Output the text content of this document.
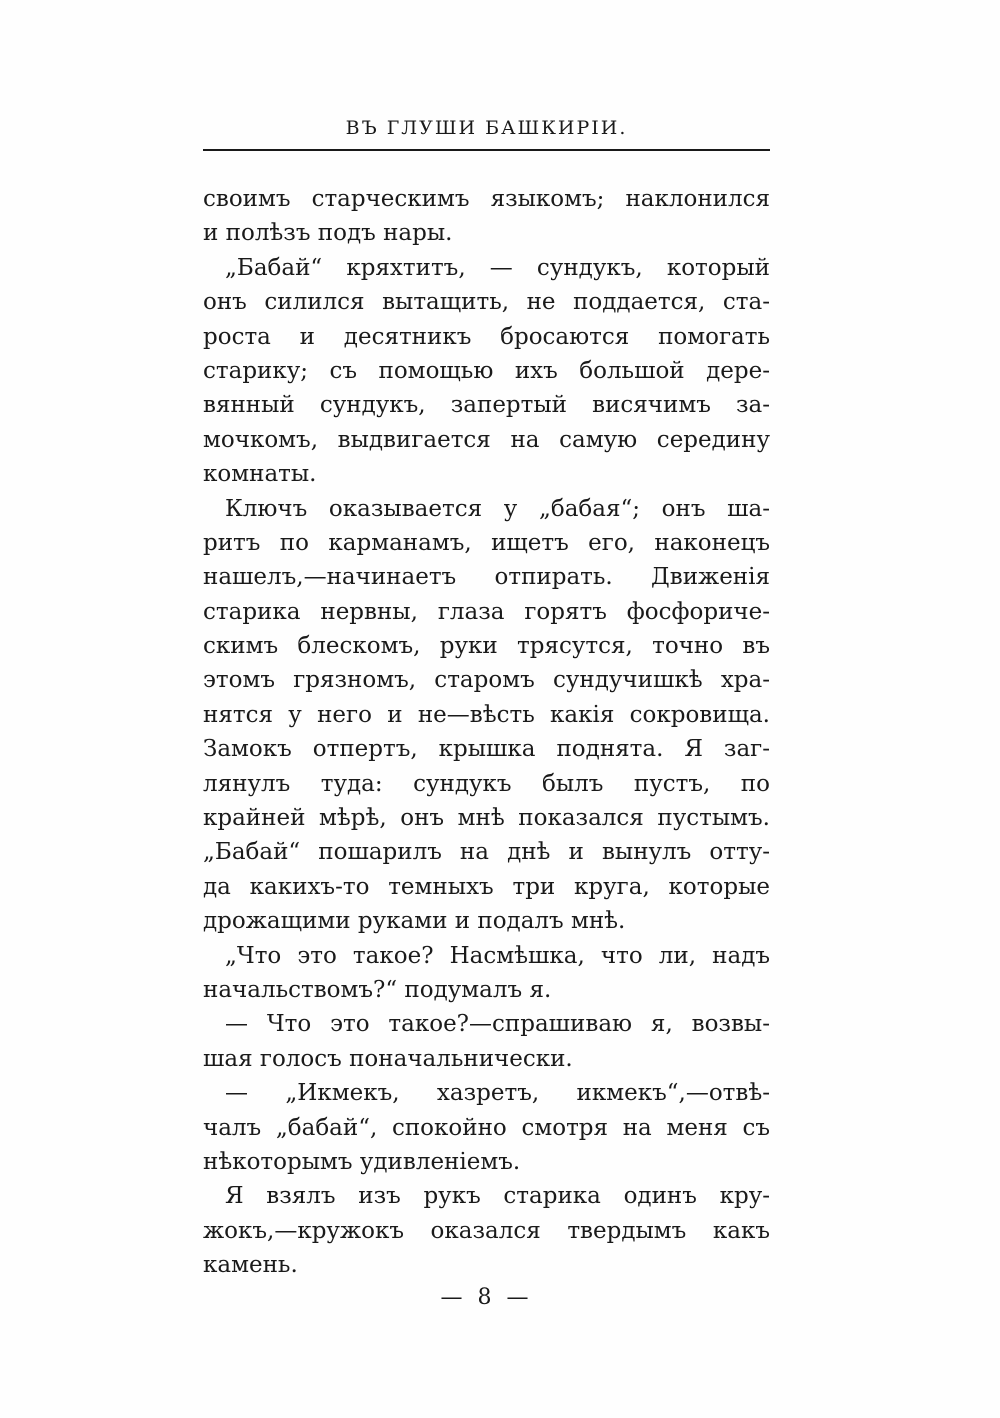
ВЪ ГЛУШИ БАШКИРІИ.
своимъ старческимъ языкомъ; наклонился
и полѣзъ подъ нары.
„Бабай“ кряхтитъ, — сундукъ, который
онъ силился вытащить, не поддается, ста-
роста и десятникъ бросаются помогать
старику; съ помощью ихъ большой дере-
вянный сундукъ, запертый висячимъ за-
мочкомъ, выдвигается на самую середину
комнаты.
Ключъ оказывается у „бабая“; онъ ша-
ритъ по карманамъ, ищетъ его, наконецъ
нашелъ,—начинаетъ отпирать. Движенія
старика нервны, глаза горятъ фосфориче-
скимъ блескомъ, руки трясутся, точно въ
этомъ грязномъ, старомъ сундучишкѣ хра-
нятся у него и не—вѣсть какія сокровища.
Замокъ отпертъ, крышка поднята. Я заг-
лянулъ туда: сундукъ былъ пустъ, по
крайней мѣрѣ, онъ мнѣ показался пустымъ.
„Бабай“ пошарилъ на днѣ и вынулъ отту-
да какихъ-то темныхъ три круга, которые
дрожащими руками и подалъ мнѣ.
„Что это такое? Насмѣшка, что ли, надъ
начальствомъ?“ подумалъ я.
— Что это такое?—спрашиваю я, возвы-
шая голосъ поначальнически.
— „Икмекъ, хазретъ, икмекъ“,—отвѣ-
чалъ „бабай“, спокойно смотря на меня съ
нѣкоторымъ удивленіемъ.
Я взялъ изъ рукъ старика одинъ кру-
жокъ,—кружокъ оказался твердымъ какъ
камень.
— 8 —
